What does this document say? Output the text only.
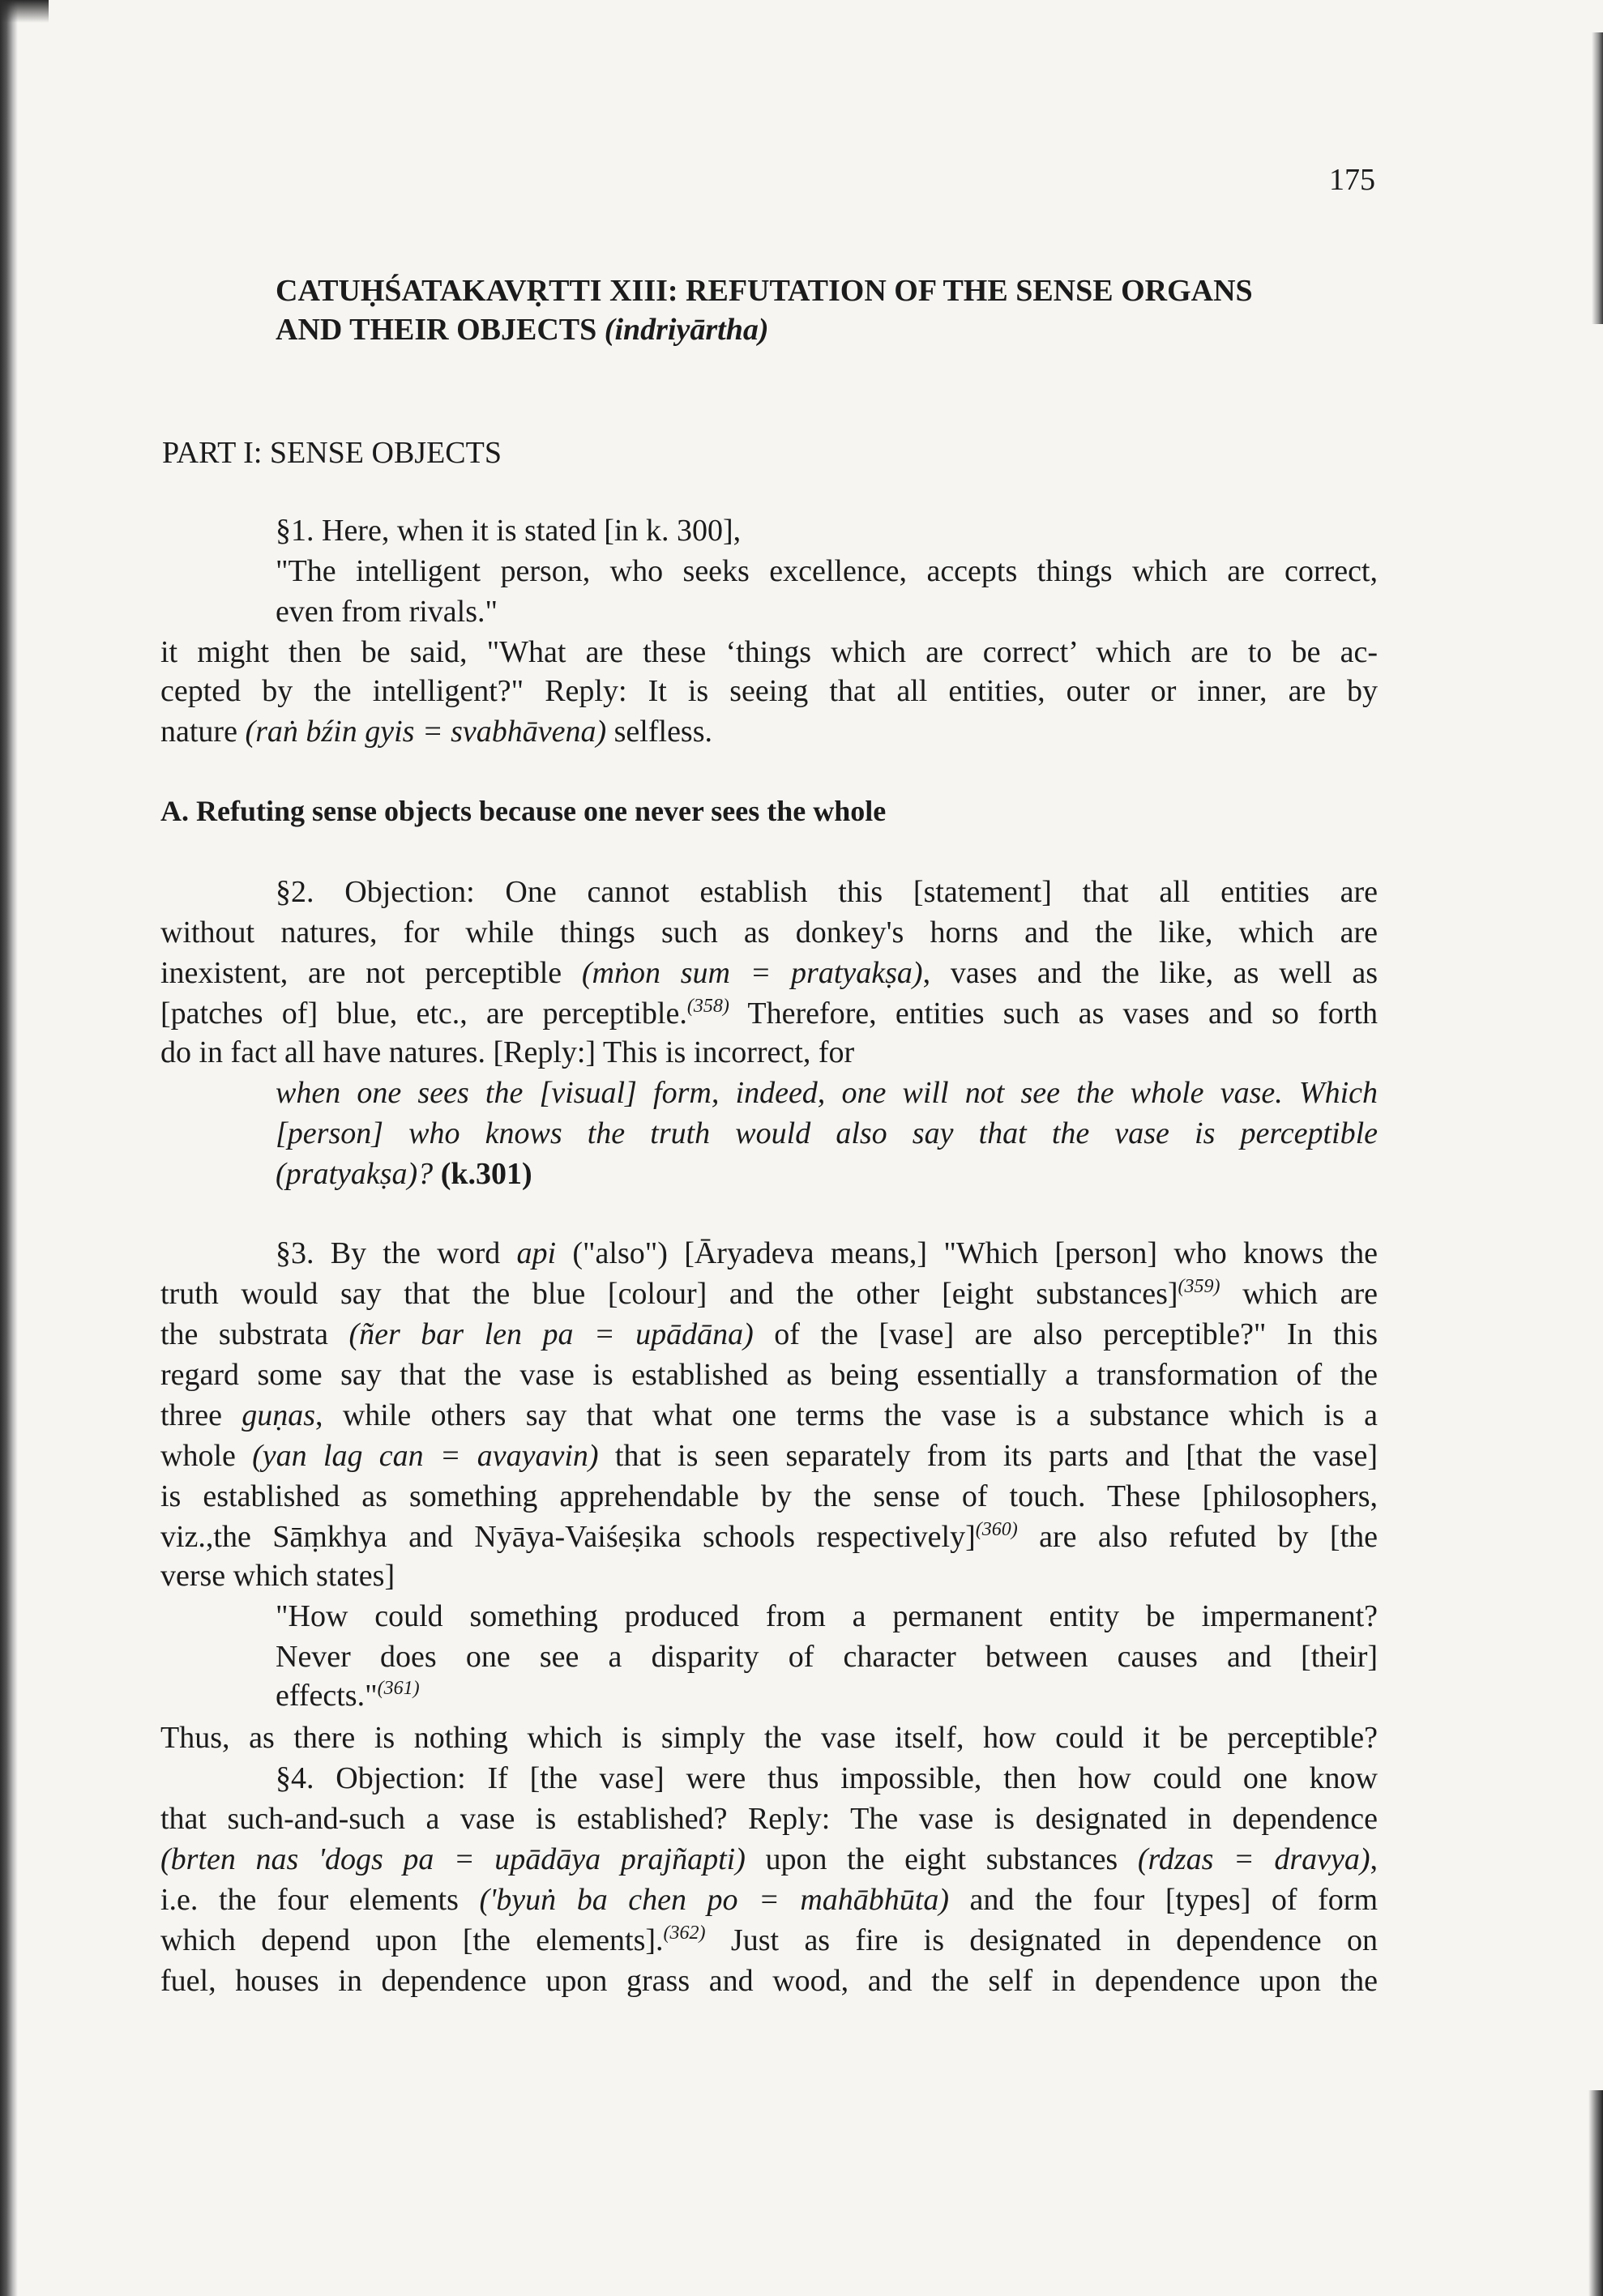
175
CATUḤŚATAKAVṚTTI XIII: REFUTATION OF THE SENSE ORGANS
AND THEIR OBJECTS (indriyārtha)
PART I: SENSE OBJECTS
§1. Here, when it is stated [in k. 300],
"The intelligent person, who seeks excellence, accepts things which are correct,
even from rivals."
it might then be said, "What are these ‘things which are correct’ which are to be ac-
cepted by the intelligent?" Reply: It is seeing that all entities, outer or inner, are by
nature (raṅ bźin gyis = svabhāvena) selfless.
A. Refuting sense objects because one never sees the whole
§2. Objection: One cannot establish this [statement] that all entities are
without natures, for while things such as donkey's horns and the like, which are
inexistent, are not perceptible (mṅon sum = pratyakṣa), vases and the like, as well as
[patches of] blue, etc., are perceptible.$^{(358)}$ Therefore, entities such as vases and so forth
do in fact all have natures. [Reply:] This is incorrect, for
when one sees the [visual] form, indeed, one will not see the whole vase. Which
[person] who knows the truth would also say that the vase is perceptible
(pratyakṣa)? (k.301)
§3. By the word api ("also") [Āryadeva means,] "Which [person] who knows the
truth would say that the blue [colour] and the other [eight substances]$^{(359)}$ which are
the substrata (ñer bar len pa = upādāna) of the [vase] are also perceptible?" In this
regard some say that the vase is established as being essentially a transformation of the
three guṇas, while others say that what one terms the vase is a substance which is a
whole (yan lag can = avayavin) that is seen separately from its parts and [that the vase]
is established as something apprehendable by the sense of touch. These [philosophers,
viz.,the Sāṃkhya and Nyāya-Vaiśeṣika schools respectively]$^{(360)}$ are also refuted by [the
verse which states]
"How could something produced from a permanent entity be impermanent?
Never does one see a disparity of character between causes and [their]
effects."$^{(361)}$
Thus, as there is nothing which is simply the vase itself, how could it be perceptible?
§4. Objection: If [the vase] were thus impossible, then how could one know
that such-and-such a vase is established? Reply: The vase is designated in dependence
(brten nas 'dogs pa = upādāya prajñapti) upon the eight substances (rdzas = dravya),
i.e. the four elements ('byuṅ ba chen po = mahābhūta) and the four [types] of form
which depend upon [the elements].$^{(362)}$ Just as fire is designated in dependence on
fuel, houses in dependence upon grass and wood, and the self in dependence upon the
